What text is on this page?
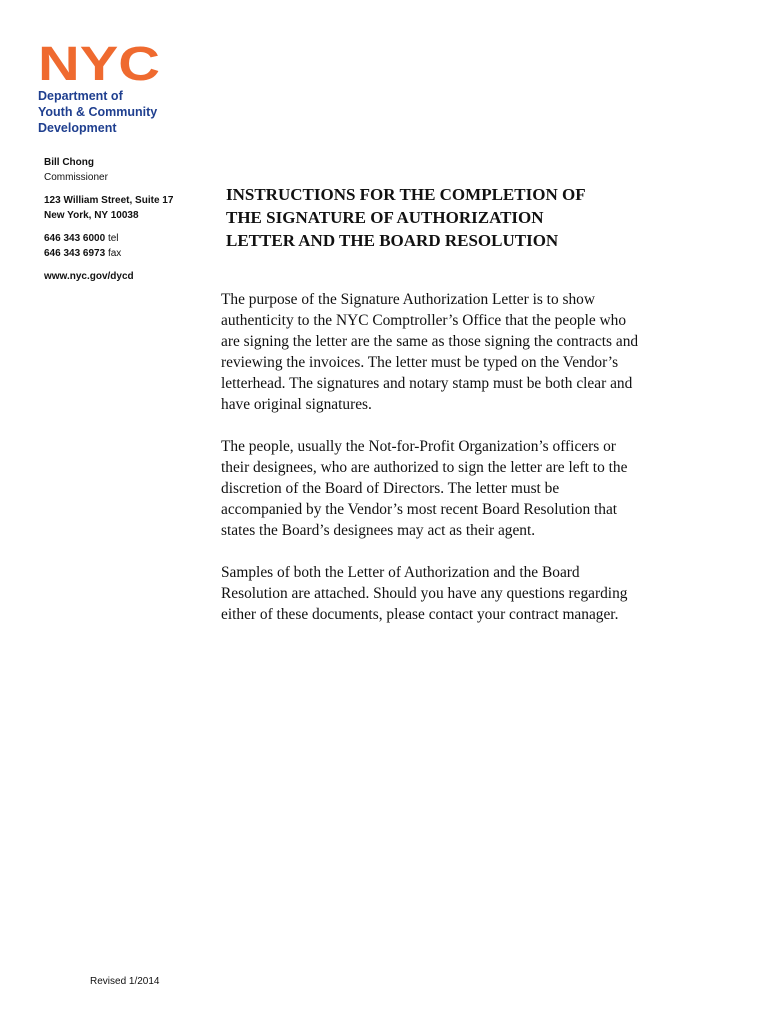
NYC
Department of
Youth & Community
Development
Bill Chong
Commissioner
123 William Street, Suite 17
New York, NY 10038
646 343 6000 tel
646 343 6973 fax
www.nyc.gov/dycd
INSTRUCTIONS FOR THE COMPLETION OF
THE SIGNATURE OF AUTHORIZATION
LETTER AND THE BOARD RESOLUTION

The purpose of the Signature Authorization Letter is to show authenticity to the NYC Comptroller’s Office that the people who are signing the letter are the same as those signing the contracts and reviewing the invoices. The letter must be typed on the Vendor’s letterhead. The signatures and notary stamp must be both clear and have original signatures.

The people, usually the Not-for-Profit Organization’s officers or their designees, who are authorized to sign the letter are left to the discretion of the Board of Directors. The letter must be accompanied by the Vendor’s most recent Board Resolution that states the Board’s designees may act as their agent.

Samples of both the Letter of Authorization and the Board Resolution are attached. Should you have any questions regarding either of these documents, please contact your contract manager.

Revised 1/2014
